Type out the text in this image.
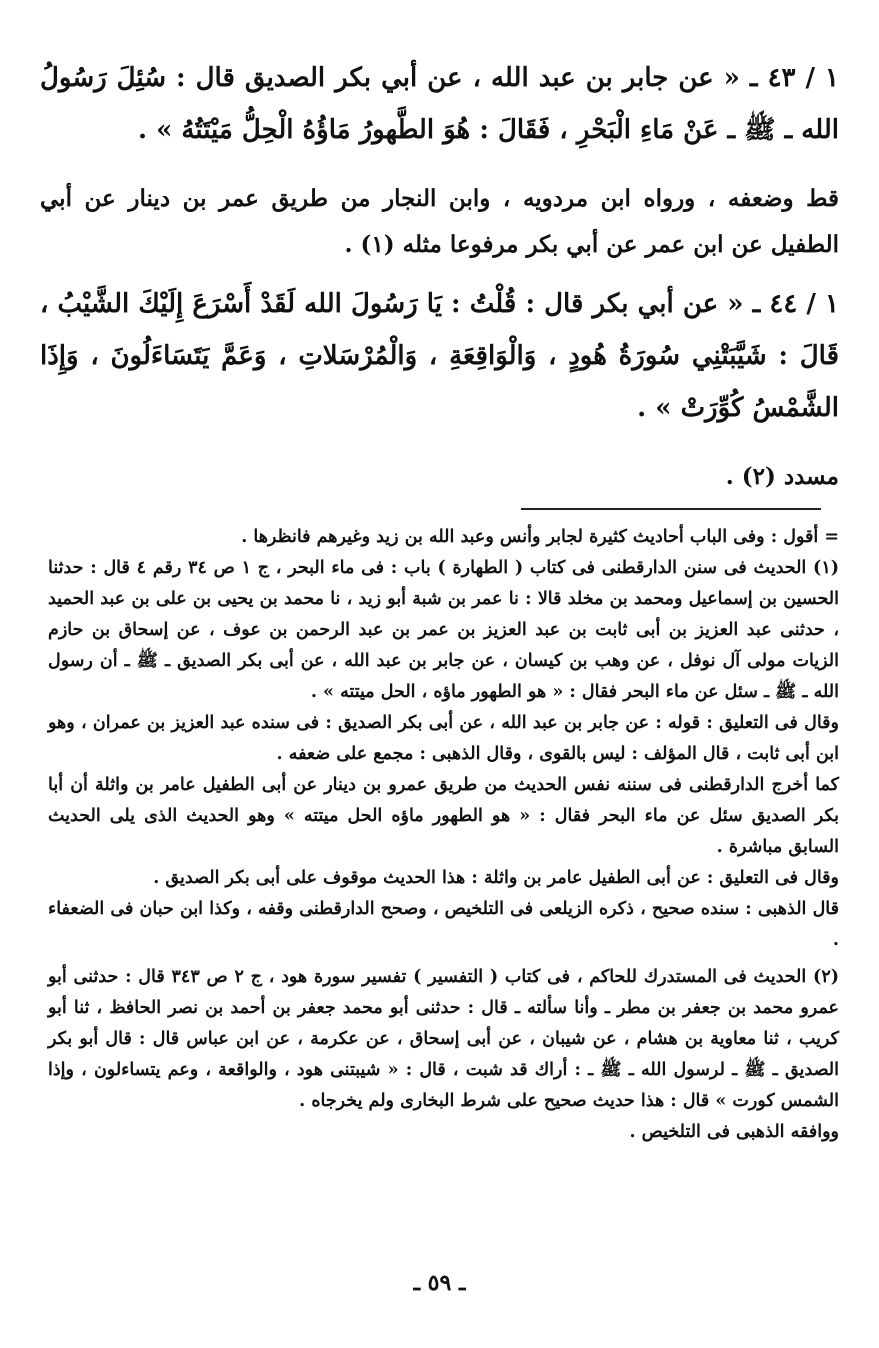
١ / ٤٣ ـ « عن جابر بن عبد الله ، عن أبي بكر الصديق قال : سُئِلَ رَسُولُ الله ـ ﷺ ـ عَنْ مَاءِ الْبَحْرِ ، فَقَالَ : هُوَ الطَّهورُ مَاؤُهُ الْحِلُّ مَيْتَتُهُ » .

قط وضعفه ، ورواه ابن مردويه ، وابن النجار من طريق عمر بن دينار عن أبي الطفيل عن ابن عمر عن أبي بكر مرفوعا مثله (١) .

١ / ٤٤ ـ « عن أبي بكر قال : قُلْتُ : يَا رَسُولَ الله لَقَدْ أَسْرَعَ إِلَيْكَ الشَّيْبُ ، قَالَ : شَيَّبَتْنِي سُورَةُ هُودٍ ، وَالْوَاقِعَةِ ، وَالْمُرْسَلاتِ ، وَعَمَّ يَتَسَاءَلُونَ ، وَإِذَا الشَّمْسُ كُوِّرَتْ » .

مسدد (٢) .

= أقول : وفى الباب أحاديث كثيرة لجابر وأنس وعبد الله بن زيد وغيرهم فانظرها .

(١) الحديث فى سنن الدارقطنى فى كتاب ( الطهارة ) باب : فى ماء البحر ، ج ١ ص ٣٤ رقم ٤ قال : حدثنا الحسين بن إسماعيل ومحمد بن مخلد قالا : نا عمر بن شبة أبو زيد ، نا محمد بن يحيى بن على بن عبد الحميد ، حدثنى عبد العزيز بن أبى ثابت بن عبد العزيز بن عمر بن عبد الرحمن بن عوف ، عن إسحاق بن حازم الزيات مولى آل نوفل ، عن وهب بن كيسان ، عن جابر بن عبد الله ، عن أبى بكر الصديق ـ ﷺ ـ أن رسول الله ـ ﷺ ـ سئل عن ماء البحر فقال : « هو الطهور ماؤه ، الحل ميتته » .

وقال فى التعليق : قوله : عن جابر بن عبد الله ، عن أبى بكر الصديق : فى سنده عبد العزيز بن عمران ، وهو ابن أبى ثابت ، قال المؤلف : ليس بالقوى ، وقال الذهبى : مجمع على ضعفه .

كما أخرج الدارقطنى فى سننه نفس الحديث من طريق عمرو بن دينار عن أبى الطفيل عامر بن واثلة أن أبا بكر الصديق سئل عن ماء البحر فقال : « هو الطهور ماؤه الحل ميتته » وهو الحديث الذى يلى الحديث السابق مباشرة .

وقال فى التعليق : عن أبى الطفيل عامر بن واثلة : هذا الحديث موقوف على أبى بكر الصديق .

قال الذهبى : سنده صحيح ، ذكره الزيلعى فى التلخيص ، وصحح الدارقطنى وقفه ، وكذا ابن حبان فى الضعفاء .

(٢) الحديث فى المستدرك للحاكم ، فى كتاب ( التفسير ) تفسير سورة هود ، ج ٢ ص ٣٤٣ قال : حدثنى أبو عمرو محمد بن جعفر بن مطر ـ وأنا سألته ـ قال : حدثنى أبو محمد جعفر بن أحمد بن نصر الحافظ ، ثنا أبو كريب ، ثنا معاوية بن هشام ، عن شيبان ، عن أبى إسحاق ، عن عكرمة ، عن ابن عباس قال : قال أبو بكر الصديق ـ ﷺ ـ لرسول الله ـ ﷺ ـ : أراك قد شبت ، قال : « شيبتنى هود ، والواقعة ، وعم يتساءلون ، وإذا الشمس كورت » قال : هذا حديث صحيح على شرط البخارى ولم يخرجاه .

ووافقه الذهبى فى التلخيص .

ـ ٥٩ ـ
